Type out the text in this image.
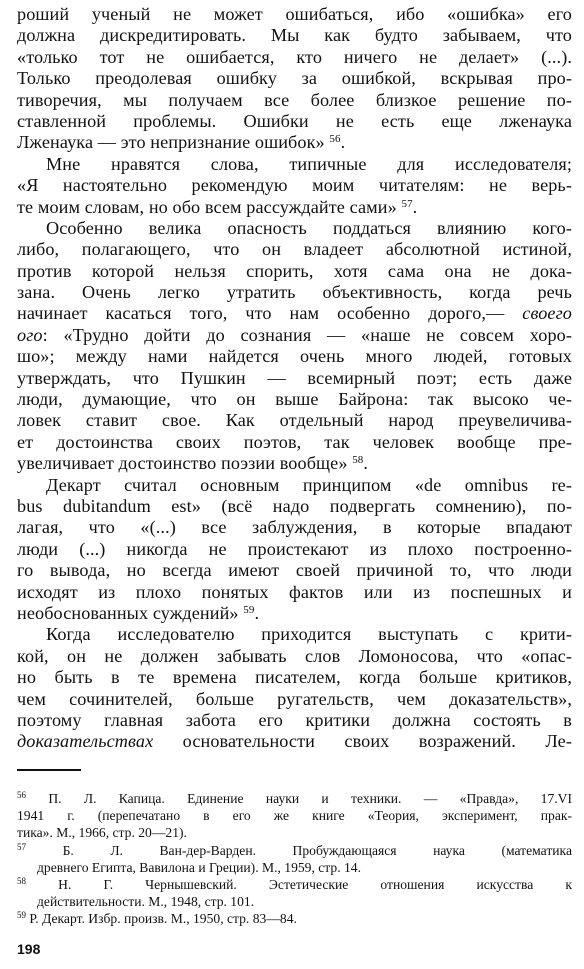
роший ученый не может ошибаться, ибо «ошибка» его
должна дискредитировать. Мы как будто забываем, что
«только тот не ошибается, кто ничего не делает» (...).
Только преодолевая ошибку за ошибкой, вскрывая про-
тиворечия, мы получаем все более близкое решение по-
ставленной проблемы. Ошибки не есть еще лженаука
Лженаука — это непризнание ошибок» $^{56}$.
Мне нравятся слова, типичные для исследователя;
«Я настоятельно рекомендую моим читателям: не верь-
те моим словам, но обо всем рассуждайте сами» $^{57}$.
Особенно велика опасность поддаться влиянию кого-
либо, полагающего, что он владеет абсолютной истиной,
против которой нельзя спорить, хотя сама она не дока-
зана. Очень легко утратить объективность, когда речь
начинает касаться того, что нам особенно дорого,— своего
ого: «Трудно дойти до сознания — «наше не совсем хоро-
шо»; между нами найдется очень много людей, готовых
утверждать, что Пушкин — всемирный поэт; есть даже
люди, думающие, что он выше Байрона: так высоко че-
ловек ставит свое. Как отдельный народ преувеличива-
ет достоинства своих поэтов, так человек вообще пре-
увеличивает достоинство поэзии вообще» $^{58}$.
Декарт считал основным принципом «de omnibus re-
bus dubitandum est» (всё надо подвергать сомнению), по-
лагая, что «(...) все заблуждения, в которые впадают
люди (...) никогда не проистекают из плохо построенно-
го вывода, но всегда имеют своей причиной то, что люди
исходят из плохо понятых фактов или из поспешных и
необоснованных суждений» $^{59}$.
Когда исследователю приходится выступать с крити-
кой, он не должен забывать слов Ломоносова, что «опас-
но быть в те времена писателем, когда больше критиков,
чем сочинителей, больше ругательств, чем доказательств»,
поэтому главная забота его критики должна состоять в
доказательствах основательности своих возражений. Ле-
$^{56}$ П. Л. Капица. Единение науки и техники. — «Правда», 17.VI
1941 г. (перепечатано в его же книге «Теория, эксперимент, прак-
тика». М., 1966, стр. 20—21).
$^{57}$	Б. Л. Ван-дер-Варден. Пробуждающаяся наука (математика
древнего Египта, Вавилона и Греции). М., 1959, стр. 14.
$^{58}$ Н. Г. Чернышевский. Эстетические отношения искусства к
действительности. М., 1948, стр. 101.
$^{59}$ Р. Декарт. Избр. произв. М., 1950, стр. 83—84.
198
